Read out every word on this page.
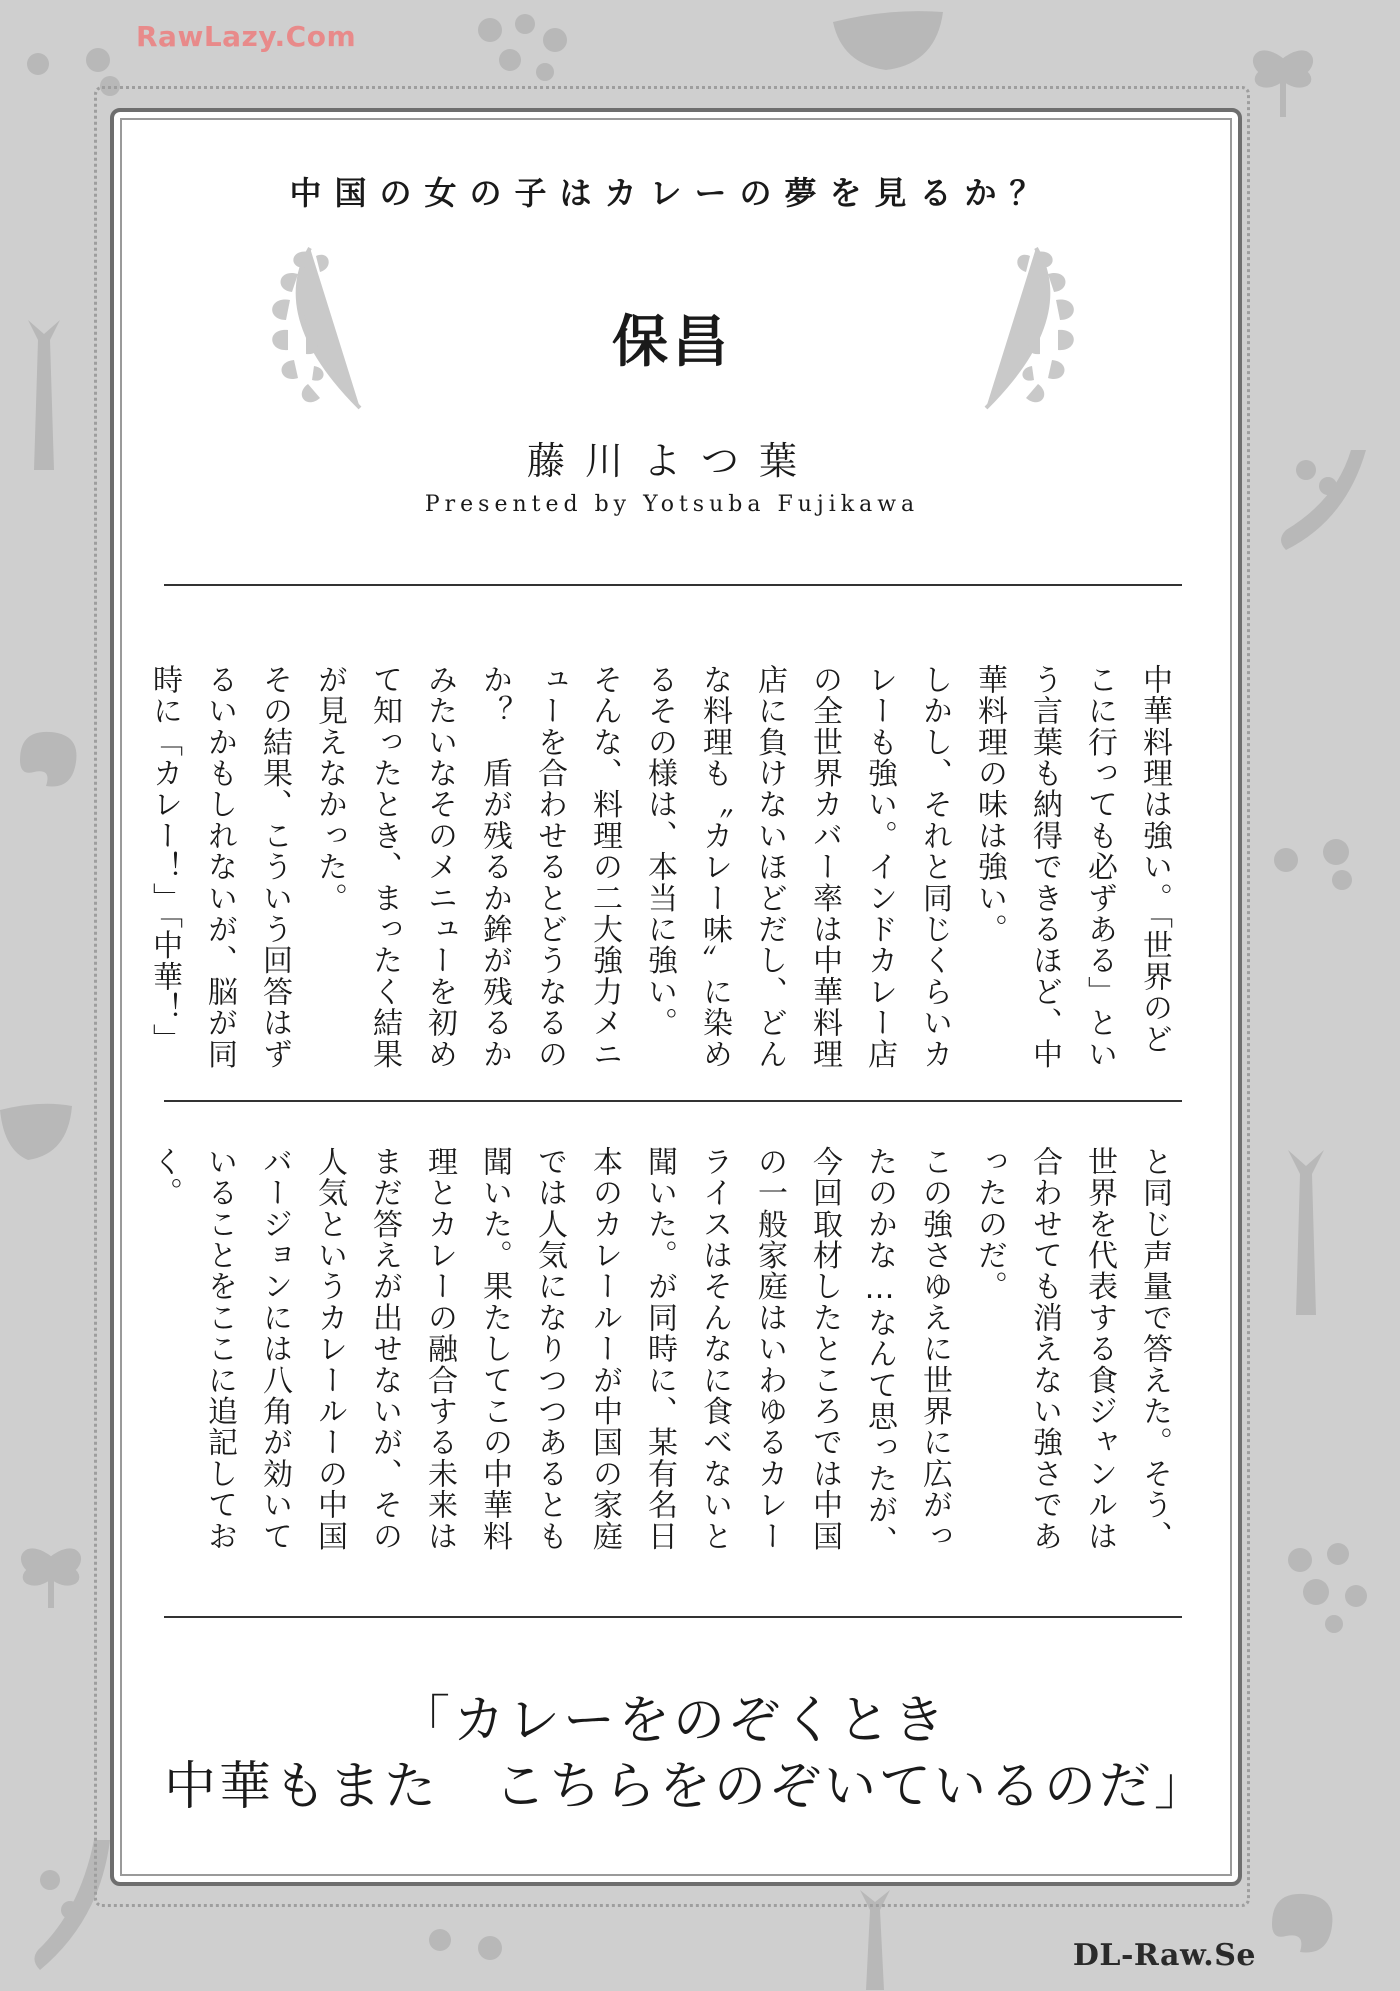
RawLazy.Com
DL-Raw.Se
中国の女の子はカレーの夢を見るか？
保昌
藤川よつ葉
Presented by Yotsuba Fujikawa

中華料理は強い。「世界のどこに行っても必ずある」という言葉も納得できるほど、中華料理の味は強い。

しかし、それと同じくらいカレーも強い。インドカレー店の全世界カバー率は中華料理店に負けないほどだし、どんな料理も〝カレー味〟に染めるその様は、本当に強い。

そんな、料理の二大強力メニューを合わせるとどうなるのか？　盾が残るか鉾が残るかみたいなそのメニューを初めて知ったとき、まったく結果が見えなかった。

その結果、こういう回答はずるいかもしれないが、脳が同時に「カレー！」「中華！」

と同じ声量で答えた。そう、世界を代表する食ジャンルは合わせても消えない強さであったのだ。

この強さゆえに世界に広がったのかな…なんて思ったが、今回取材したところでは中国の一般家庭はいわゆるカレーライスはそんなに食べないと聞いた。が同時に、某有名日本のカレールーが中国の家庭では人気になりつつあるとも聞いた。果たしてこの中華料理とカレーの融合する未来はまだ答えが出せないが、その人気というカレールーの中国バージョンには八角が効いていることをここに追記しておく。

「カレーをのぞくとき
中華もまた　こちらをのぞいているのだ」
